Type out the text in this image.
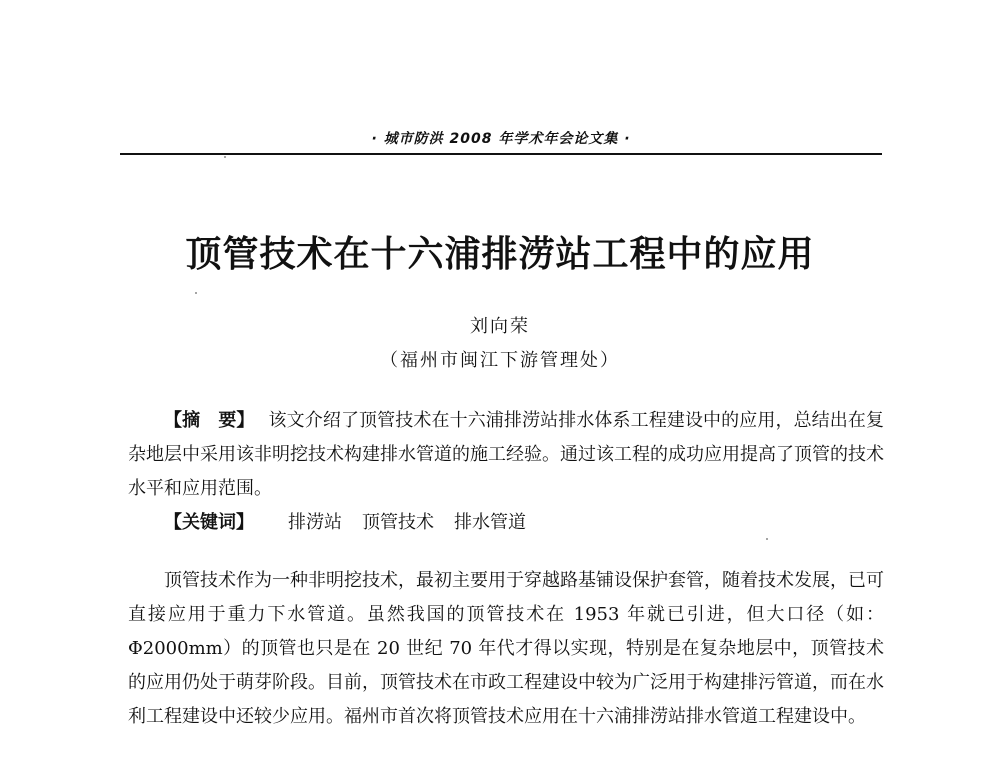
· 城市防洪 2008 年学术年会论文集 ·
顶管技术在十六浦排涝站工程中的应用
刘向荣
（福州市闽江下游管理处）

【摘　要】 该文介绍了顶管技术在十六浦排涝站排水体系工程建设中的应用，总结出在复杂地层中采用该非明挖技术构建排水管道的施工经验。通过该工程的成功应用提高了顶管的技术水平和应用范围。

【关键词】 排涝站 顶管技术 排水管道

顶管技术作为一种非明挖技术，最初主要用于穿越路基铺设保护套管，随着技术发展，已可直接应用于重力下水管道。虽然我国的顶管技术在 1953 年就已引进，但大口径（如：Φ2000mm）的顶管也只是在 20 世纪 70 年代才得以实现，特别是在复杂地层中，顶管技术的应用仍处于萌芽阶段。目前，顶管技术在市政工程建设中较为广泛用于构建排污管道，而在水利工程建设中还较少应用。福州市首次将顶管技术应用在十六浦排涝站排水管道工程建设中。
